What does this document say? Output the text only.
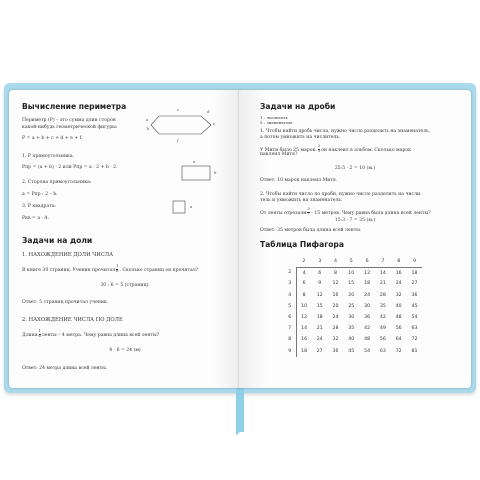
Вычисление периметра
Периметр (P) – это сумма длин сторон
какой-нибудь геометрической фигуры:
P = a + b + c + d + e + f.
c	d
a
e
b
f
1. P прямоугольника.
Pпр = (a + b) · 2 или Pпр = a · 2 + b · 2.
a
b
2. Сторона прямоугольника:
a = Pпр : 2 – b.
3. P квадрата:
Pкв = a · 4.
a
Задачи на доли
1. НАХОЖДЕНИЕ ДОЛИ ЧИСЛА
В книге 30 страниц. Ученик прочитал $\frac{1}{6}$ . Сколько страниц он прочитал?
30 : 6 = 5 (страниц).
Ответ: 5 страниц прочитал ученик.
2. НАХОЖДЕНИЕ ЧИСЛА ПО ДОЛЕ
Длина $\frac{1}{6}$ ленты – 4 метра. Чему равна длина всей ленты?
4 · 6 = 24 (м)
Ответ: 24 метра длина всей ленты.
Задачи на дроби
1 – числитель
5 – знаменатель
1. Чтобы найти дробь числа, нужно число разделить на знаменатель,
а потом умножить на числитель.
У Мити было 25 марок. $\frac{2}{5}$ он наклеил в альбом. Сколько марок
наклеил Митя?
25:5 · 2 = 10 (м.)
Ответ: 10 марок наклеил Митя.
2. Чтобы найти число по дроби, нужно число разделить на числи-
тель и умножить на знаменатель.
От ленты отрезали $\frac{3}{7} - 15$ метров. Чему равна была длина всей ленты?
15:3 · 7 = 35 (м.)
Ответ: 35 метров была длина всей ленты.
Таблица Пифагора
	2	3	4	5	6	7	8	9
2	4	6	8	10	12	14	16	18
3	6	9	12	15	18	21	24	27
4	8	12	16	20	24	28	32	36
5	10	15	20	25	30	35	40	45
6	12	18	24	30	36	42	48	54
7	14	21	28	35	42	49	56	63
8	16	24	32	40	48	56	64	72
9	18	27	36	45	54	63	72	81
